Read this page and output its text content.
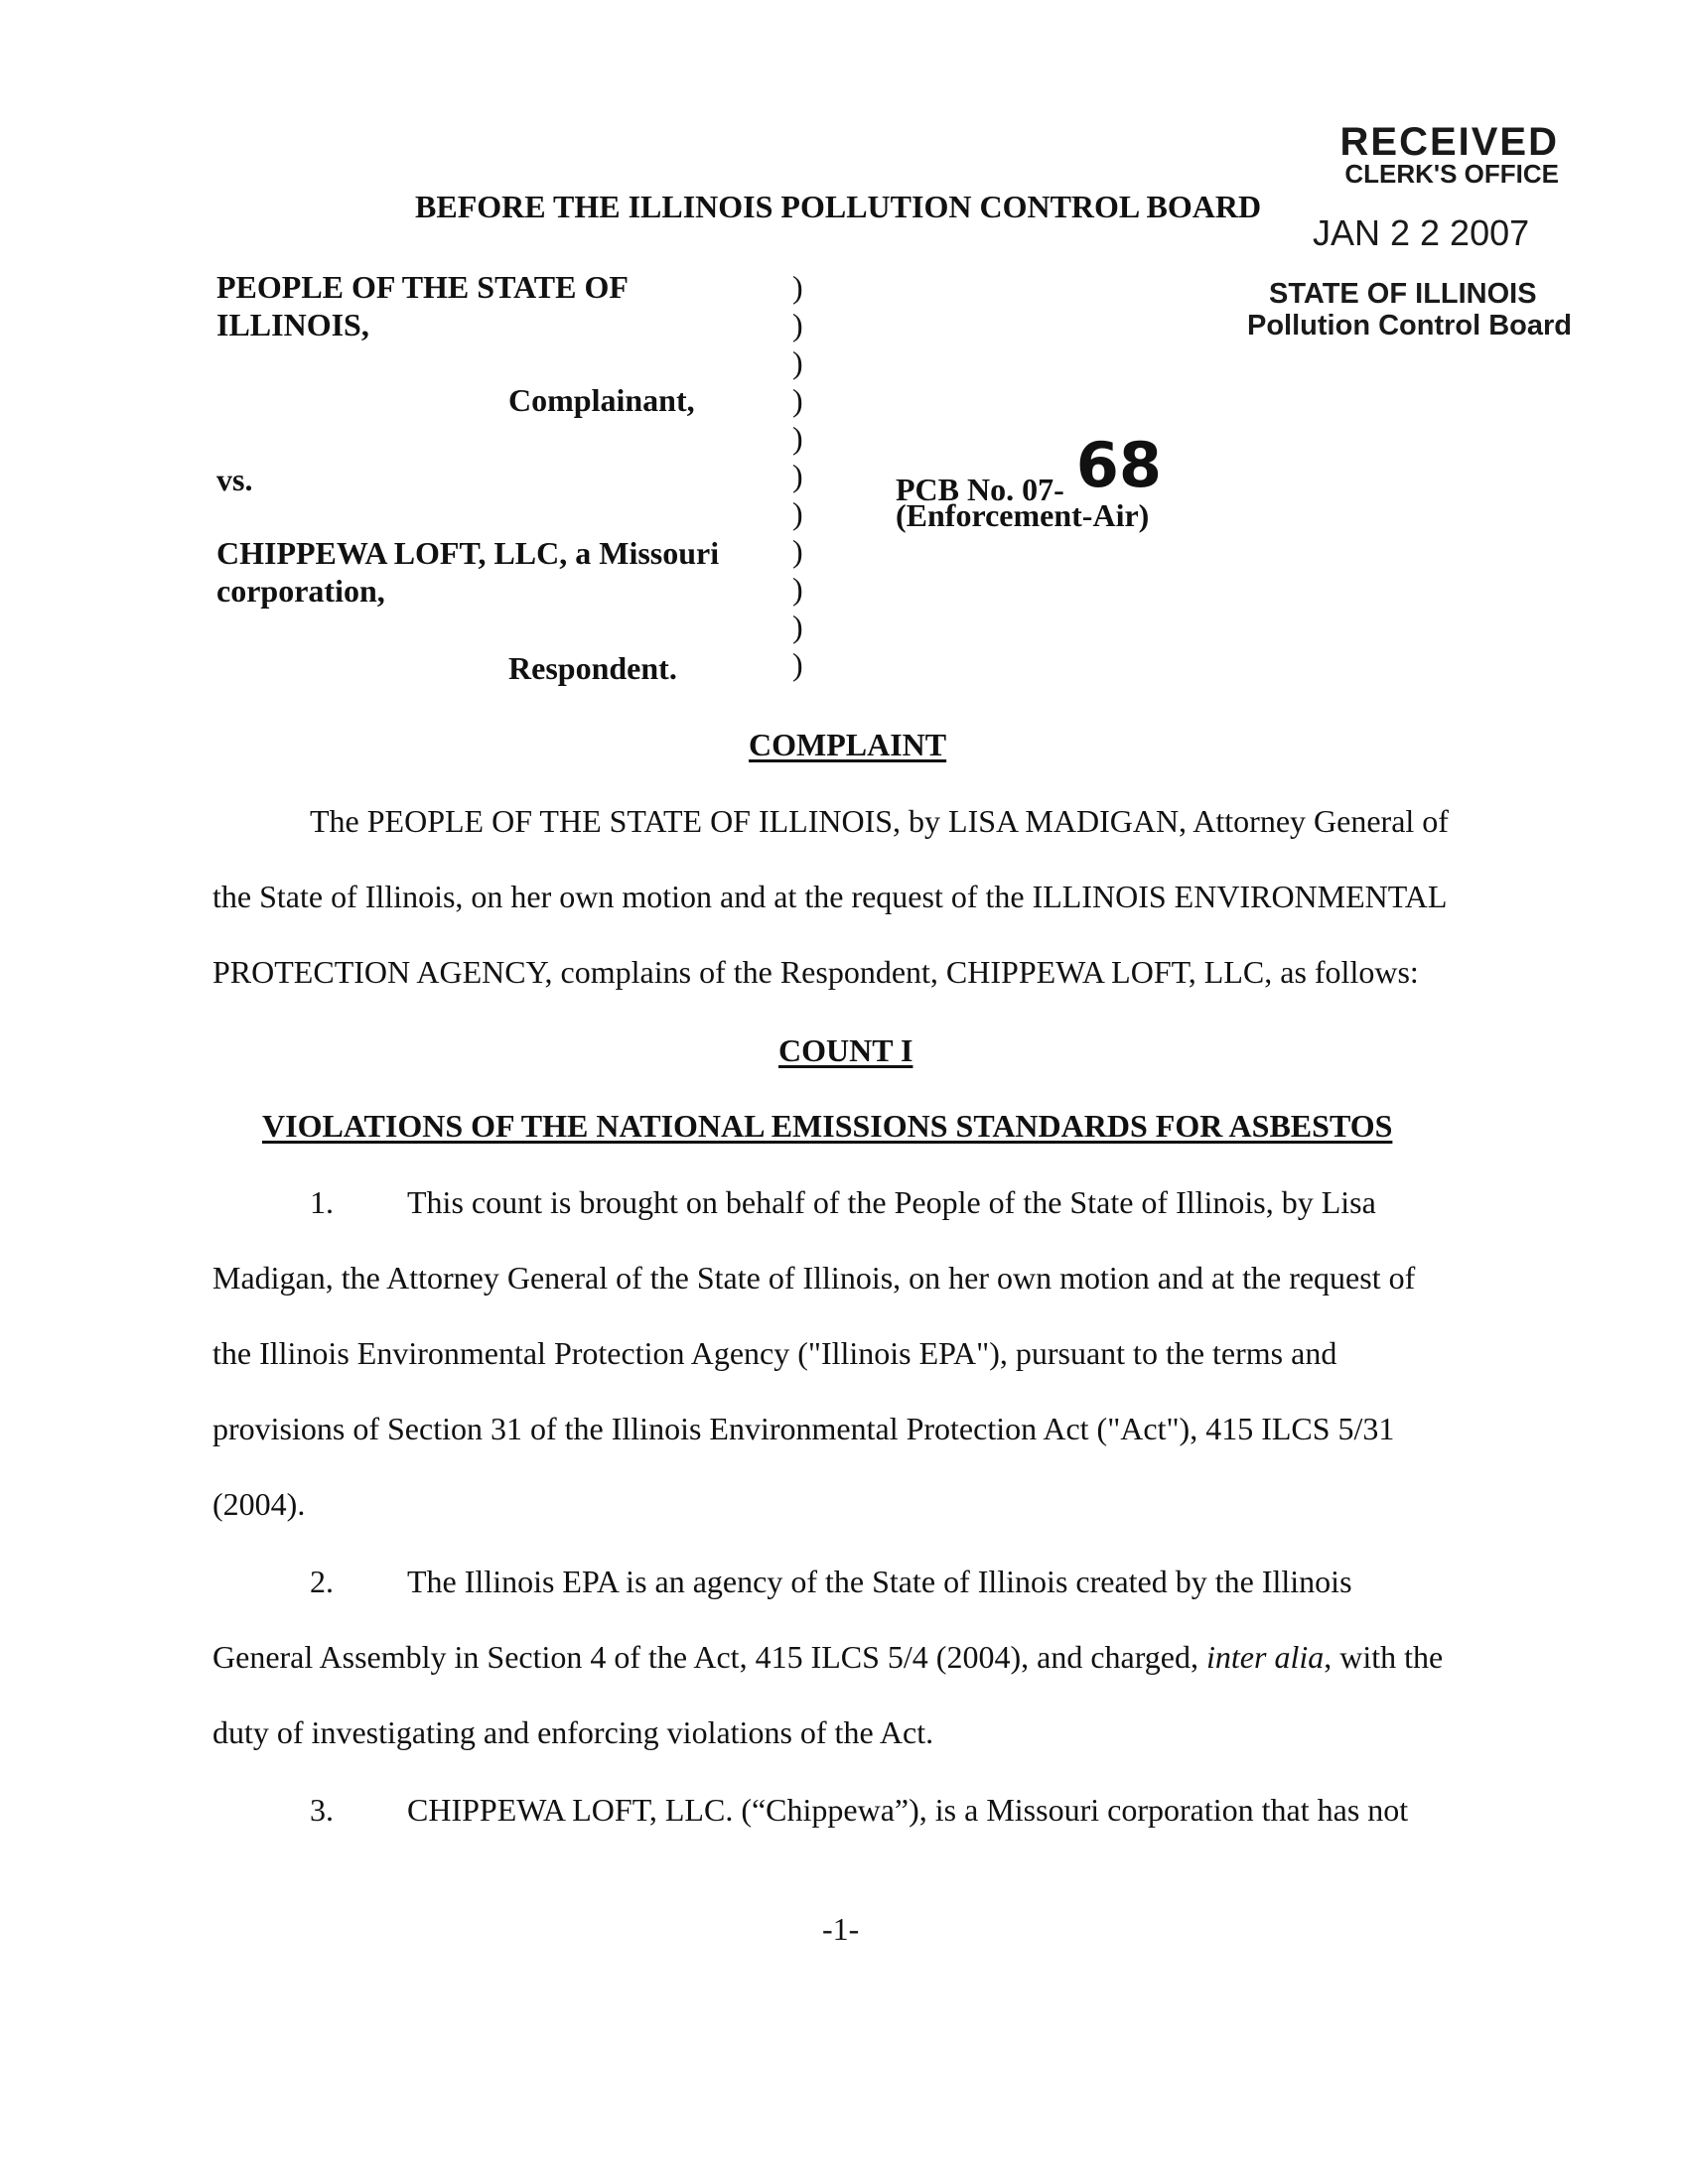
RECEIVED
CLERK'S OFFICE
JAN 2 2 2007
STATE OF ILLINOIS
Pollution Control Board
BEFORE THE ILLINOIS POLLUTION CONTROL BOARD
PEOPLE OF THE STATE OF
ILLINOIS,
Complainant,
vs.
CHIPPEWA LOFT, LLC, a Missouri
corporation,
Respondent.
)
)
)
)
)
)
)
)
)
)
)
PCB No. 07- 68
(Enforcement-Air)
COMPLAINT
The PEOPLE OF THE STATE OF ILLINOIS, by LISA MADIGAN, Attorney General of
the State of Illinois, on her own motion and at the request of the ILLINOIS ENVIRONMENTAL
PROTECTION AGENCY, complains of the Respondent, CHIPPEWA LOFT, LLC, as follows:
COUNT I
VIOLATIONS OF THE NATIONAL EMISSIONS STANDARDS FOR ASBESTOS
1. This count is brought on behalf of the People of the State of Illinois, by Lisa
Madigan, the Attorney General of the State of Illinois, on her own motion and at the request of
the Illinois Environmental Protection Agency ("Illinois EPA"), pursuant to the terms and
provisions of Section 31 of the Illinois Environmental Protection Act ("Act"), 415 ILCS 5/31
(2004).
2. The Illinois EPA is an agency of the State of Illinois created by the Illinois
General Assembly in Section 4 of the Act, 415 ILCS 5/4 (2004), and charged, inter alia, with the
duty of investigating and enforcing violations of the Act.
3. CHIPPEWA LOFT, LLC. (“Chippewa”), is a Missouri corporation that has not
-1-
